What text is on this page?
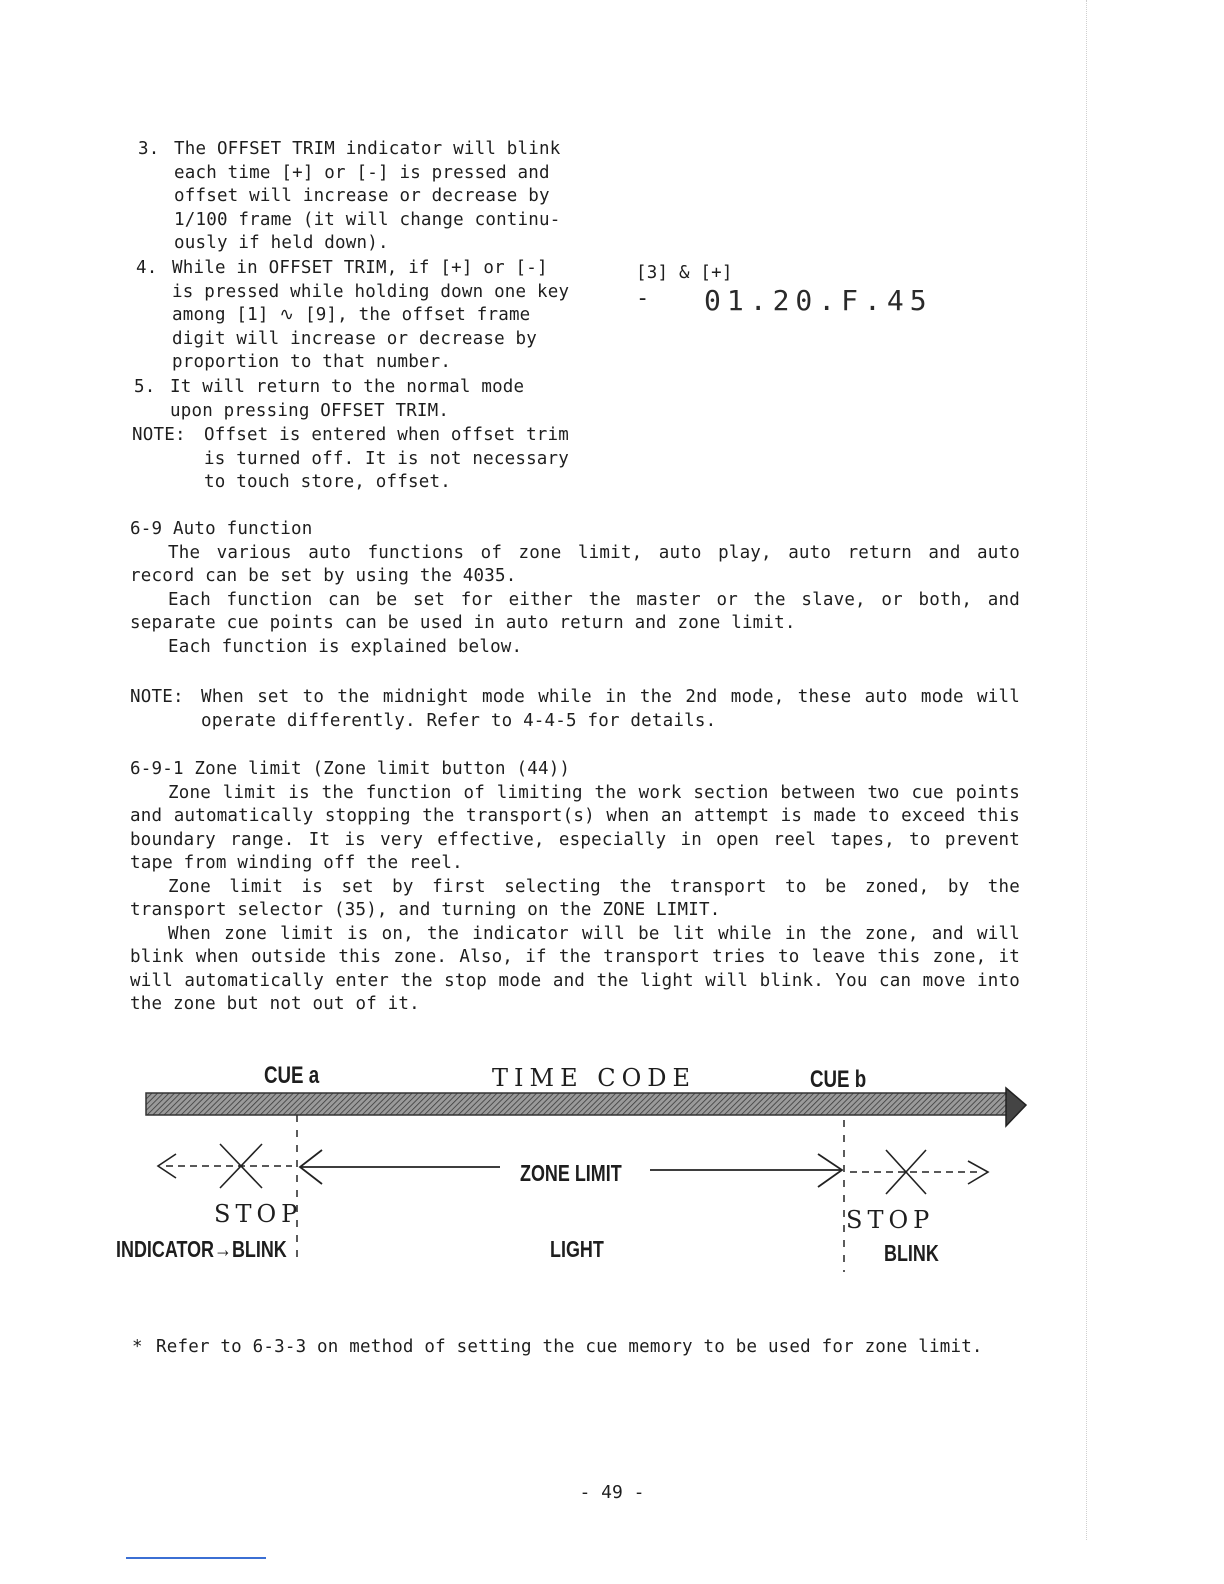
3. The OFFSET TRIM indicator will blink
each time [+] or [-] is pressed and
offset will increase or decrease by
1/100 frame (it will change continu-
ously if held down).
4. While in OFFSET TRIM, if [+] or [-]
is pressed while holding down one key
among [1] ∿ [9], the offset frame
digit will increase or decrease by
proportion to that number.
5. It will return to the normal mode
upon pressing OFFSET TRIM.
NOTE: Offset is entered when offset trim
is turned off. It is not necessary
to touch store, offset.
[3] & [+]
- 01.20.F.45

6-9 Auto function

The various auto functions of zone limit, auto play, auto return and auto record can be set by using the 4035.

Each function can be set for either the master or the slave, or both, and separate cue points can be used in auto return and zone limit.

Each function is explained below.

NOTE: When set to the midnight mode while in the 2nd mode, these auto mode will operate differently. Refer to 4-4-5 for details.

6-9-1 Zone limit (Zone limit button (44))

Zone limit is the function of limiting the work section between two cue points and automatically stopping the transport(s) when an attempt is made to exceed this boundary range. It is very effective, especially in open reel tapes, to prevent tape from winding off the reel.

Zone limit is set by first selecting the transport to be zoned, by the transport selector (35), and turning on the ZONE LIMIT.

When zone limit is on, the indicator will be lit while in the zone, and will blink when outside this zone. Also, if the transport tries to leave this zone, it will automatically enter the stop mode and the light will blink. You can move into the zone but not out of it.

CUE a	TIME CODE	CUE b
ZONE LIMIT
STOP	STOP
INDICATOR→BLINK	LIGHT	BLINK
* Refer to 6-3-3 on method of setting the cue memory to be used for zone limit.
- 49 -
